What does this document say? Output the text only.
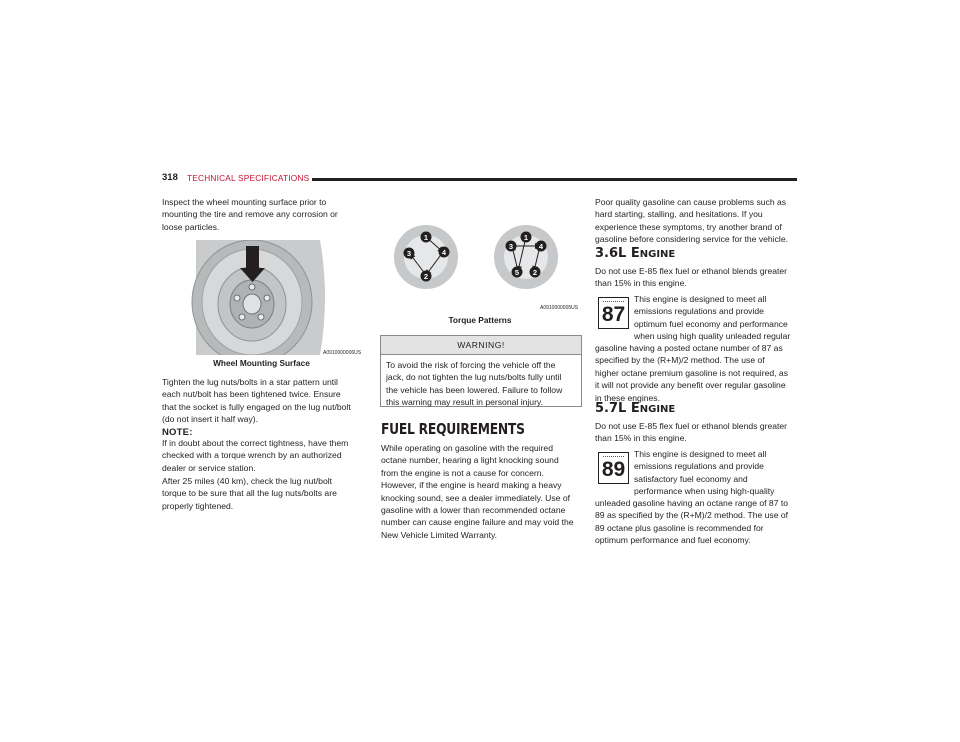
318 TECHNICAL SPECIFICATIONS
Inspect the wheel mounting surface prior to
mounting the tire and remove any corrosion or
loose particles.
A0910000006US
Wheel Mounting Surface
Tighten the lug nuts/bolts in a star pattern until
each nut/bolt has been tightened twice. Ensure
that the socket is fully engaged on the lug nut/bolt
(do not insert it half way).
NOTE:
If in doubt about the correct tightness, have them
checked with a torque wrench by an authorized
dealer or service station.
After 25 miles (40 km), check the lug nut/bolt
torque to be sure that all the lug nuts/bolts are
properly tightened.
1
4
2
3
1
4
2
5
3
A0910000005US
Torque Patterns
WARNING!
To avoid the risk of forcing the vehicle off the
jack, do not tighten the lug nuts/bolts fully until
the vehicle has been lowered. Failure to follow
this warning may result in personal injury.
FUEL REQUIREMENTS
While operating on gasoline with the required
octane number, hearing a light knocking sound
from the engine is not a cause for concern.
However, if the engine is heard making a heavy
knocking sound, see a dealer immediately. Use of
gasoline with a lower than recommended octane
number can cause engine failure and may void the
New Vehicle Limited Warranty.
Poor quality gasoline can cause problems such as
hard starting, stalling, and hesitations. If you
experience these symptoms, try another brand of
gasoline before considering service for the vehicle.
3.6L ENGINE
Do not use E-85 flex fuel or ethanol blends greater
than 15% in this engine.
87
This engine is designed to meet all
emissions regulations and provide
optimum fuel economy and performance
when using high quality unleaded regular
gasoline having a posted octane number of 87 as
specified by the (R+M)/2 method. The use of
higher octane premium gasoline is not required, as
it will not provide any benefit over regular gasoline
in these engines.
5.7L ENGINE
Do not use E-85 flex fuel or ethanol blends greater
than 15% in this engine.
89
This engine is designed to meet all
emissions regulations and provide
satisfactory fuel economy and
performance when using high-quality
unleaded gasoline having an octane range of 87 to
89 as specified by the (R+M)/2 method. The use of
89 octane plus gasoline is recommended for
optimum performance and fuel economy.
